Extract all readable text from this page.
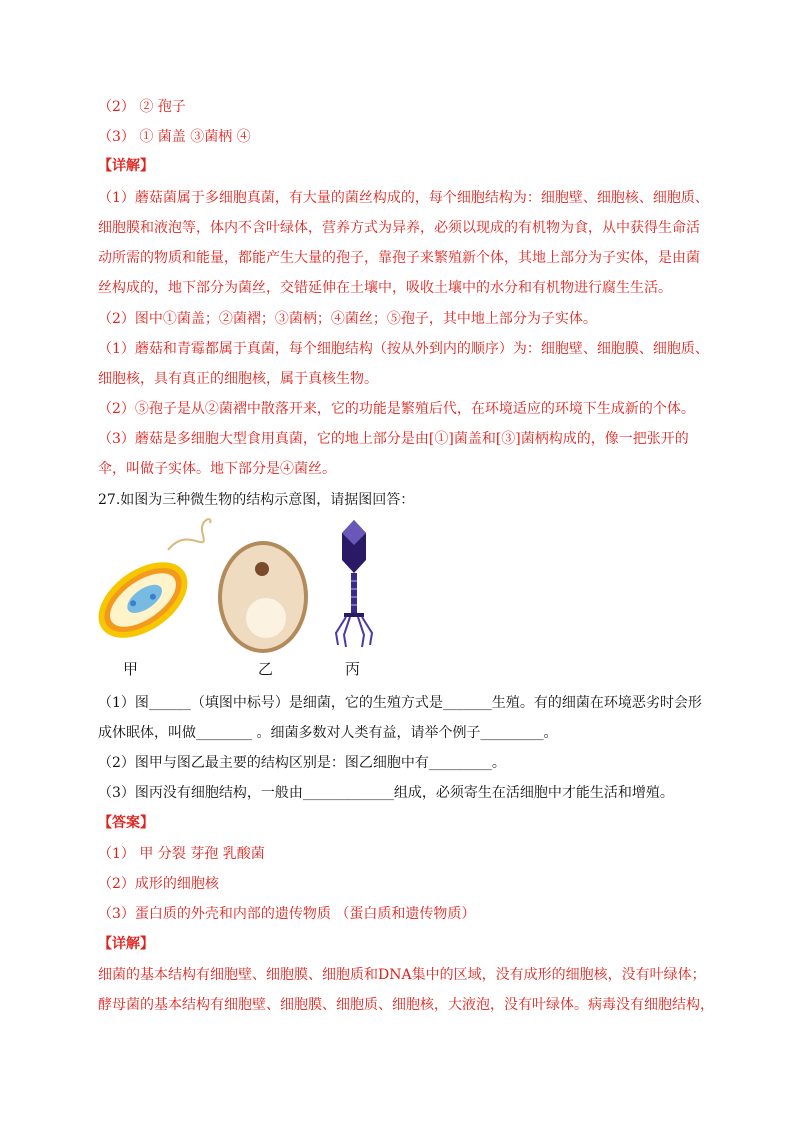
（2） ② 孢子
（3） ① 菌盖 ③菌柄 ④
【详解】
（1）蘑菇菌属于多细胞真菌，有大量的菌丝构成的，每个细胞结构为：细胞壁、细胞核、细胞质、
细胞膜和液泡等，体内不含叶绿体，营养方式为异养，必须以现成的有机物为食，从中获得生命活
动所需的物质和能量，都能产生大量的孢子，靠孢子来繁殖新个体，其地上部分为子实体，是由菌
丝构成的，地下部分为菌丝，交错延伸在土壤中，吸收土壤中的水分和有机物进行腐生生活。
（2）图中①菌盖；②菌褶；③菌柄；④菌丝；⑤孢子，其中地上部分为子实体。
（1）蘑菇和青霉都属于真菌，每个细胞结构（按从外到内的顺序）为：细胞壁、细胞膜、细胞质、
细胞核，具有真正的细胞核，属于真核生物。
（2）⑤孢子是从②菌褶中散落开来，它的功能是繁殖后代，在环境适应的环境下生成新的个体。
（3）蘑菇是多细胞大型食用真菌，它的地上部分是由[①]菌盖和[③]菌柄构成的，像一把张开的
伞，叫做子实体。地下部分是④菌丝。
27.如图为三种微生物的结构示意图，请据图回答：
甲	乙	丙
（1）图______（填图中标号）是细菌，它的生殖方式是_______生殖。有的细菌在环境恶劣时会形
成休眠体，叫做________ 。细菌多数对人类有益，请举个例子_________。
（2）图甲与图乙最主要的结构区别是：图乙细胞中有_________。
（3）图丙没有细胞结构，一般由_____________组成，必须寄生在活细胞中才能生活和增殖。
【答案】
（1） 甲 分裂 芽孢 乳酸菌
（2）成形的细胞核
（3）蛋白质的外壳和内部的遗传物质 （蛋白质和遗传物质）
【详解】
细菌的基本结构有细胞壁、细胞膜、细胞质和DNA集中的区域，没有成形的细胞核，没有叶绿体；
酵母菌的基本结构有细胞壁、细胞膜、细胞质、细胞核，大液泡，没有叶绿体。病毒没有细胞结构，
